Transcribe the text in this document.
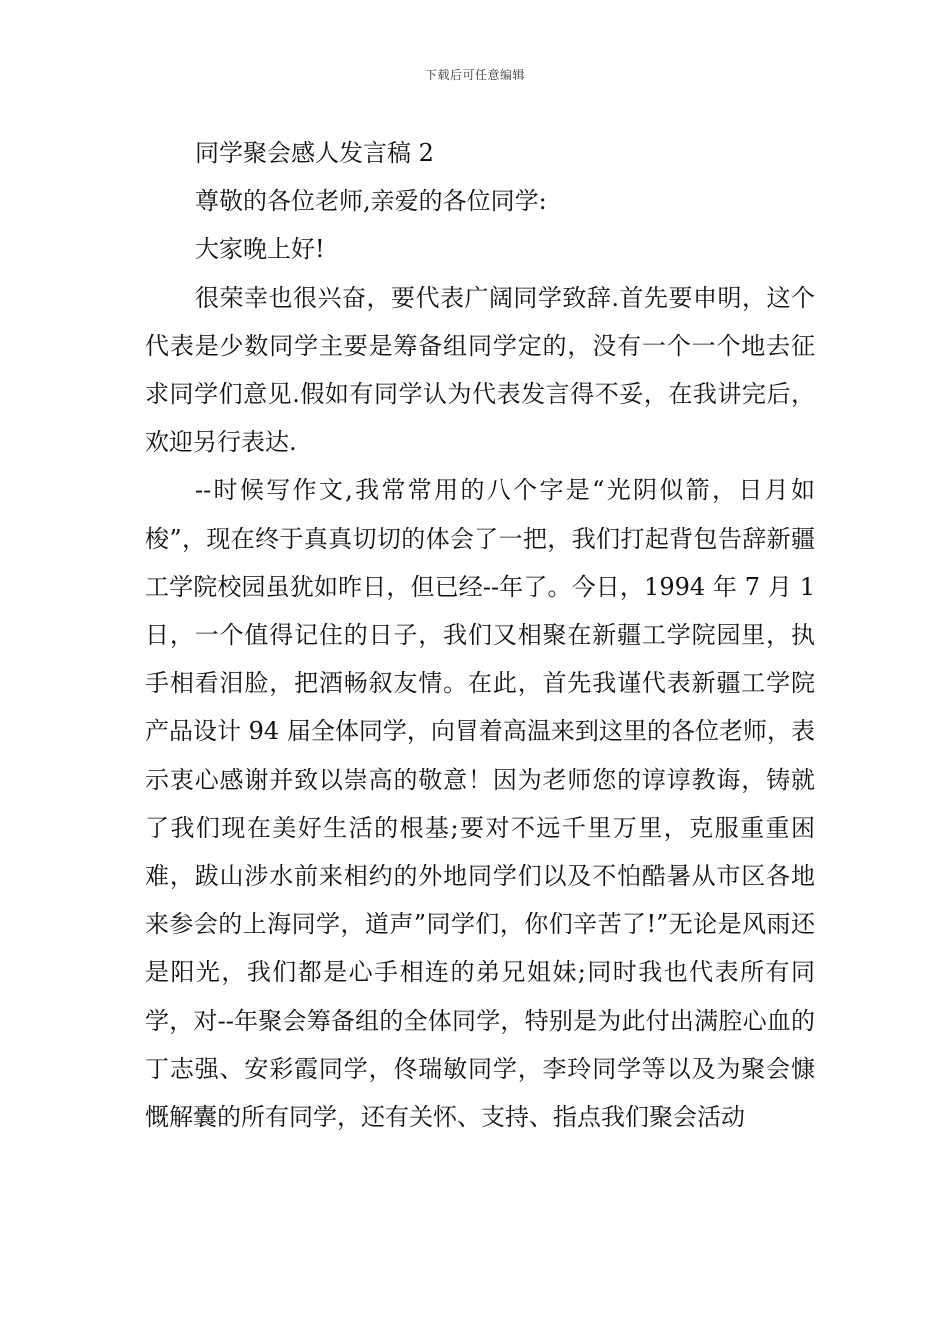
下载后可任意编辑

同学聚会感人发言稿 2

尊敬的各位老师,亲爱的各位同学:

大家晚上好!

很荣幸也很兴奋，要代表广阔同学致辞.首先要申明，这个代表是少数同学主要是筹备组同学定的，没有一个一个地去征求同学们意见.假如有同学认为代表发言得不妥，在我讲完后，欢迎另行表达.

--时候写作文,我常常用的八个字是“光阴似箭，日月如梭”，现在终于真真切切的体会了一把，我们打起背包告辞新疆工学院校园虽犹如昨日，但已经--年了。今日，1994 年 7 月 1 日，一个值得记住的日子，我们又相聚在新疆工学院园里，执手相看泪脸，把酒畅叙友情。在此，首先我谨代表新疆工学院产品设计 94 届全体同学，向冒着高温来到这里的各位老师，表示衷心感谢并致以崇高的敬意！因为老师您的谆谆教诲，铸就了我们现在美好生活的根基;要对不远千里万里，克服重重困难，跋山涉水前来相约的外地同学们以及不怕酷暑从市区各地来参会的上海同学，道声”同学们，你们辛苦了!”无论是风雨还是阳光，我们都是心手相连的弟兄姐妹;同时我也代表所有同学，对--年聚会筹备组的全体同学，特别是为此付出满腔心血的丁志强、安彩霞同学，佟瑞敏同学，李玲同学等以及为聚会慷慨解囊的所有同学，还有关怀、支持、指点我们聚会活动
